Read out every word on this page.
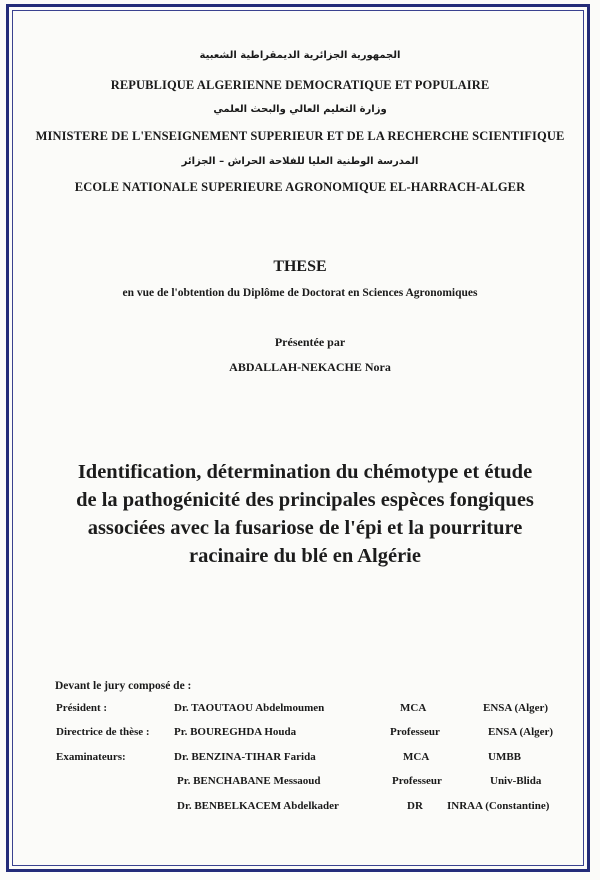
الجمهورية الجزائرية الديمقراطية الشعبية
REPUBLIQUE ALGERIENNE DEMOCRATIQUE ET POPULAIRE
وزارة التعليم العالي والبحث العلمي
MINISTERE DE L'ENSEIGNEMENT SUPERIEUR ET DE LA RECHERCHE SCIENTIFIQUE
المدرسة الوطنية العليا للفلاحة الحراش – الجزائر
ECOLE NATIONALE SUPERIEURE AGRONOMIQUE EL-HARRACH-ALGER
THESE
en vue de l'obtention du Diplôme de Doctorat en Sciences Agronomiques
Présentée par
ABDALLAH-NEKACHE Nora
Identification, détermination du chémotype et étude
de la pathogénicité des principales espèces fongiques
associées avec la fusariose de l'épi et la pourriture
racinaire du blé en Algérie
Devant le jury composé de :
Président :	Dr. TAOUTAOU Abdelmoumen	MCA	ENSA (Alger)
Directrice de thèse : Pr. BOUREGHDA Houda	Professeur	ENSA (Alger)
Examinateurs:	Dr. BENZINA-TIHAR Farida	MCA	UMBB
Pr. BENCHABANE Messaoud	Professeur	Univ-Blida
Dr. BENBELKACEM Abdelkader	DR INRAA (Constantine)
